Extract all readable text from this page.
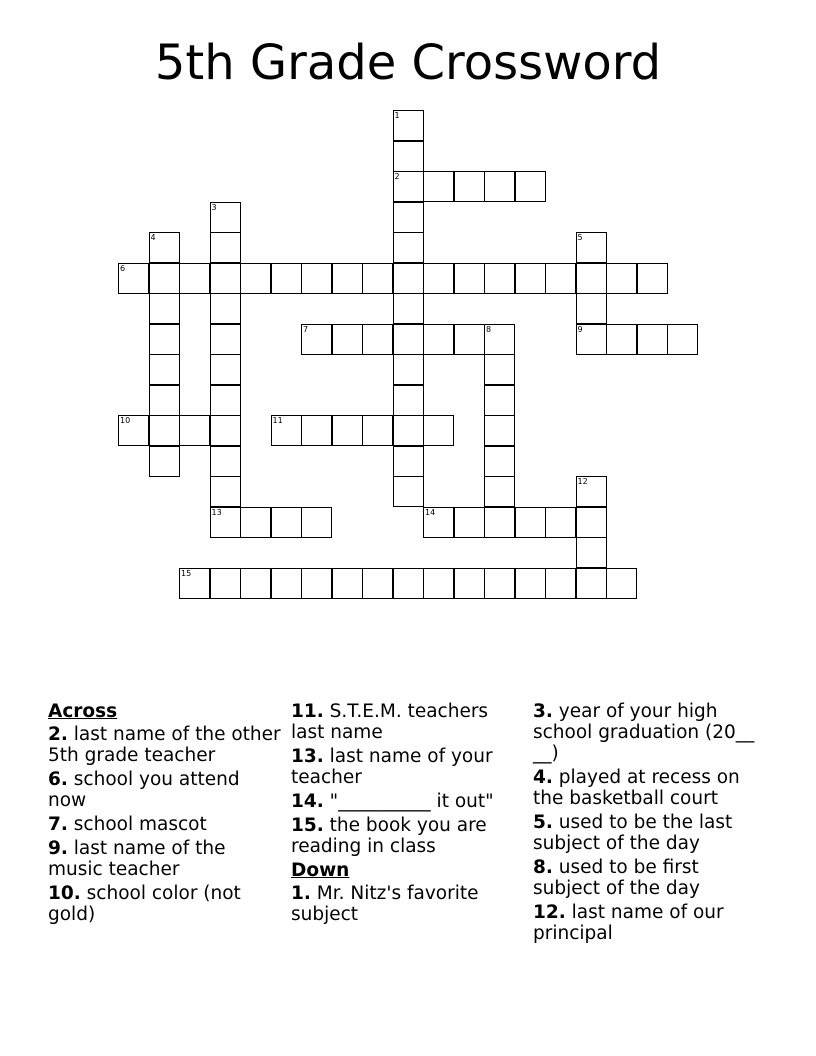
5th Grade Crossword
1
2
3
13
4	5
9
6
7	8
10	11
12
14
15
Across
2. last name of the other 5th grade teacher
6. school you attend now
7. school mascot
9. last name of the music teacher
10. school color (not gold)
11. S.T.E.M. teachers last name
13. last name of your teacher
14. "__________ it out"
15. the book you are reading in class
Down
1. Mr. Nitz's favorite subject
3. year of your high school graduation (20__ __)
4. played at recess on the basketball court
5. used to be the last subject of the day
8. used to be first subject of the day
12. last name of our principal
